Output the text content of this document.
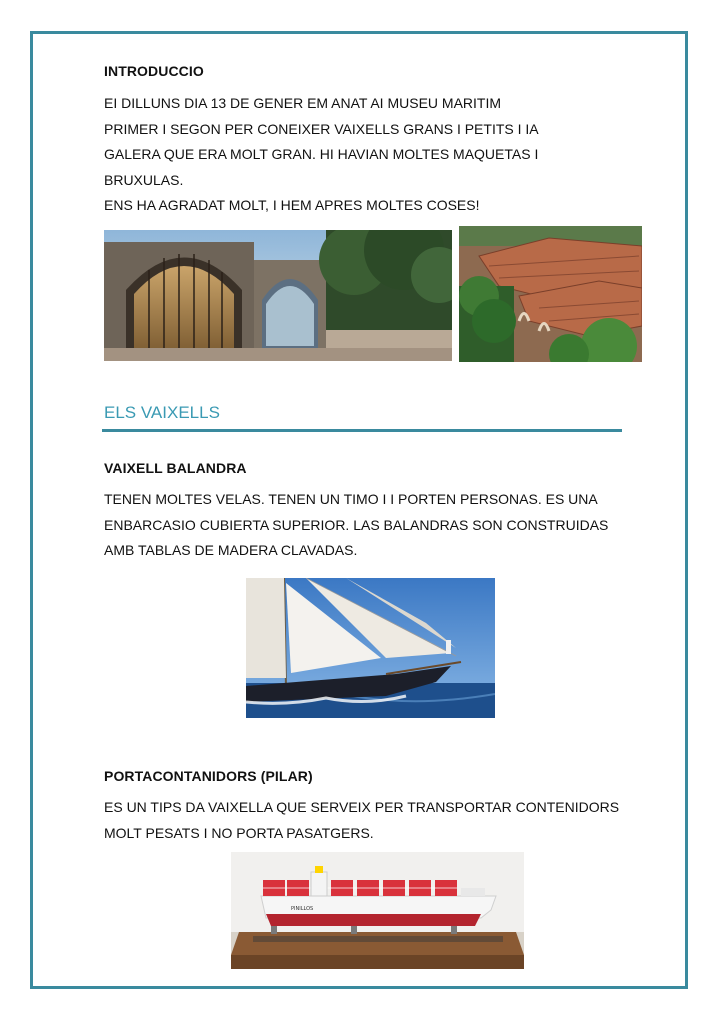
INTRODUCCIO
EI DILLUNS DIA 13 DE GENER EM ANAT AI MUSEU MARITIM
PRIMER I SEGON PER CONEIXER VAIXELLS GRANS I PETITS I IA
GALERA QUE ERA MOLT GRAN. HI HAVIAN MOLTES MAQUETAS I
BRUXULAS.
ENS HA AGRADAT MOLT, I HEM APRES MOLTES COSES!
ELS VAIXELLS
VAIXELL BALANDRA
TENEN MOLTES VELAS. TENEN UN TIMO I I PORTEN PERSONAS. ES UNA
ENBARCASIO CUBIERTA SUPERIOR. LAS BALANDRAS SON CONSTRUIDAS
AMB TABLAS DE MADERA CLAVADAS.
PORTACONTANIDORS (PILAR)
ES UN TIPS DA VAIXELLA QUE SERVEIX PER TRANSPORTAR CONTENIDORS
MOLT PESATS I NO PORTA PASATGERS.
PINILLOS
